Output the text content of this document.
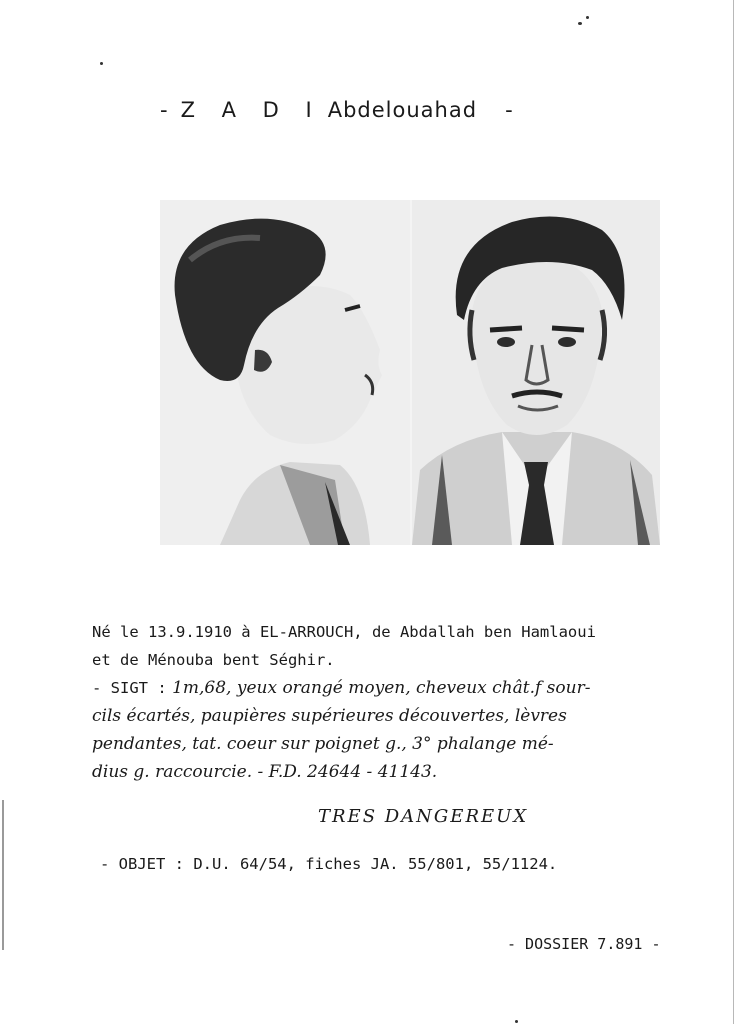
- Z A D I Abdelouahad -
Né le 13.9.1910 à EL-ARROUCH, de Abdallah ben Hamlaoui
et de Ménouba bent Séghir.
- SIGT : 1m,68, yeux orangé moyen, cheveux chât.f sour-
cils écartés, paupières supérieures découvertes, lèvres
pendantes, tat. coeur sur poignet g., 3° phalange mé-
dius g. raccourcie. - F.D. 24644 - 41143.
TRES DANGEREUX
- OBJET : D.U. 64/54, fiches JA. 55/801, 55/1124.
- DOSSIER 7.891 -
